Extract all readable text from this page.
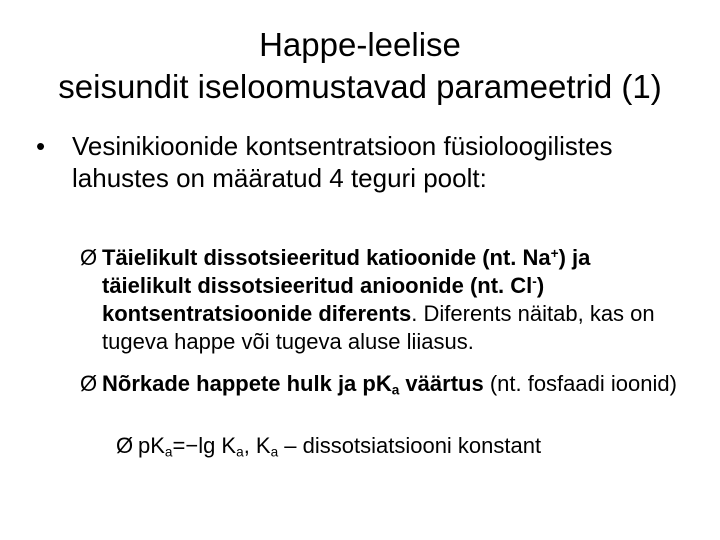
Happe-leelise
seisundit iseloomustavad parameetrid (1)
•	Vesinikioonide kontsentratsioon füsioloogilistes lahustes on määratud 4 teguri poolt:
Ø Täielikult dissotsieeritud katioonide (nt. Na+) ja täielikult dissotsieeritud anioonide (nt. Cl-) kontsentratsioonide diferents. Diferents näitab, kas on tugeva happe või tugeva aluse liiasus.
Ø Nõrkade happete hulk ja $pK_a$ väärtus (nt. fosfaadi ioonid)
Ø $pK_a=-\lg$ $K_a$, $K_a$ – dissotsiatsiooni konstant
